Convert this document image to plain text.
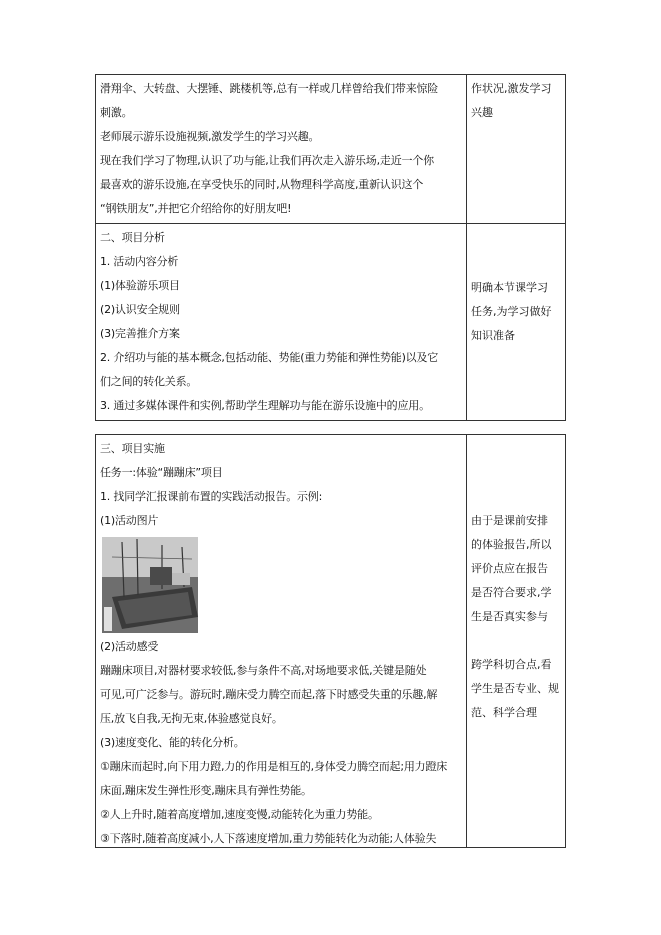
滑翔伞、大转盘、大摆锤、跳楼机等,总有一样或几样曾给我们带来惊险
刺激。
老师展示游乐设施视频,激发学生的学习兴趣。
现在我们学习了物理,认识了功与能,让我们再次走入游乐场,走近一个你
最喜欢的游乐设施,在享受快乐的同时,从物理科学高度,重新认识这个
“钢铁朋友”,并把它介绍给你的好朋友吧!
作状况,激发学习
兴趣
二、项目分析
1. 活动内容分析
(1)体验游乐项目
(2)认识安全规则
(3)完善推介方案
2. 介绍功与能的基本概念,包括动能、势能(重力势能和弹性势能)以及它
们之间的转化关系。
3. 通过多媒体课件和实例,帮助学生理解功与能在游乐设施中的应用。
明确本节课学习
任务,为学习做好
知识准备
三、项目实施
任务一:体验“蹦蹦床”项目
1. 找同学汇报课前布置的实践活动报告。示例:
(1)活动图片
(2)活动感受
蹦蹦床项目,对器材要求较低,参与条件不高,对场地要求低,关键是随处
可见,可广泛参与。游玩时,蹦床受力腾空而起,落下时感受失重的乐趣,解
压,放飞自我,无拘无束,体验感觉良好。
(3)速度变化、能的转化分析。
①蹦床而起时,向下用力蹬,力的作用是相互的,身体受力腾空而起;用力蹬床
床面,蹦床发生弹性形变,蹦床具有弹性势能。
②人上升时,随着高度增加,速度变慢,动能转化为重力势能。
③下落时,随着高度减小,人下落速度增加,重力势能转化为动能;人体验失
由于是课前安排
的体验报告,所以
评价点应在报告
是否符合要求,学
生是否真实参与

跨学科切合点,看
学生是否专业、规
范、科学合理
